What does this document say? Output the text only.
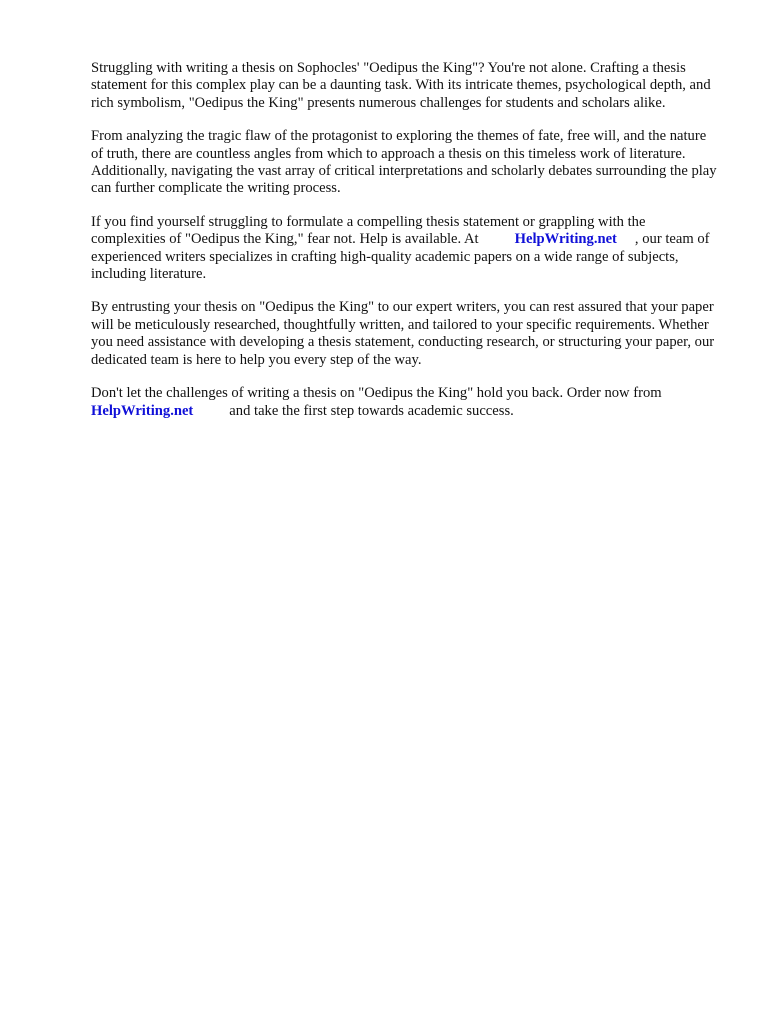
Struggling with writing a thesis on Sophocles' "Oedipus the King"? You're not alone. Crafting a thesis statement for this complex play can be a daunting task. With its intricate themes, psychological depth, and rich symbolism, "Oedipus the King" presents numerous challenges for students and scholars alike.

From analyzing the tragic flaw of the protagonist to exploring the themes of fate, free will, and the nature of truth, there are countless angles from which to approach a thesis on this timeless work of literature. Additionally, navigating the vast array of critical interpretations and scholarly debates surrounding the play can further complicate the writing process.

If you find yourself struggling to formulate a compelling thesis statement or grappling with the complexities of "Oedipus the King," fear not. Help is available. At HelpWriting.net , our team of experienced writers specializes in crafting high-quality academic papers on a wide range of subjects, including literature.

By entrusting your thesis on "Oedipus the King" to our expert writers, you can rest assured that your paper will be meticulously researched, thoughtfully written, and tailored to your specific requirements. Whether you need assistance with developing a thesis statement, conducting research, or structuring your paper, our dedicated team is here to help you every step of the way.

Don't let the challenges of writing a thesis on "Oedipus the King" hold you back. Order now from HelpWriting.net and take the first step towards academic success.
